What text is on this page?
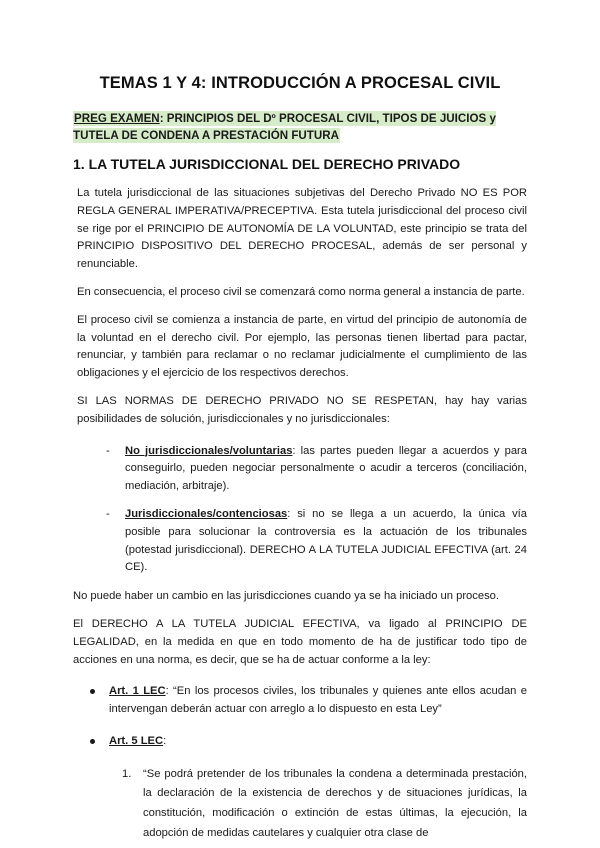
TEMAS 1 Y 4: INTRODUCCIÓN A PROCESAL CIVIL
PREG EXAMEN: PRINCIPIOS DEL Dº PROCESAL CIVIL, TIPOS DE JUICIOS y TUTELA DE CONDENA A PRESTACIÓN FUTURA
1. LA TUTELA JURISDICCIONAL DEL DERECHO PRIVADO

La tutela jurisdiccional de las situaciones subjetivas del Derecho Privado NO ES POR REGLA GENERAL IMPERATIVA/PRECEPTIVA. Esta tutela jurisdiccional del proceso civil se rige por el PRINCIPIO DE AUTONOMÍA DE LA VOLUNTAD, este principio se trata del PRINCIPIO DISPOSITIVO DEL DERECHO PROCESAL, además de ser personal y renunciable.

En consecuencia, el proceso civil se comenzará como norma general a instancia de parte.

El proceso civil se comienza a instancia de parte, en virtud del principio de autonomía de la voluntad en el derecho civil. Por ejemplo, las personas tienen libertad para pactar, renunciar, y también para reclamar o no reclamar judicialmente el cumplimiento de las obligaciones y el ejercicio de los respectivos derechos.

SI LAS NORMAS DE DERECHO PRIVADO NO SE RESPETAN, hay hay varias posibilidades de solución, jurisdiccionales y no jurisdiccionales:

- No jurisdiccionales/voluntarias: las partes pueden llegar a acuerdos y para conseguirlo, pueden negociar personalmente o acudir a terceros (conciliación, mediación, arbitraje).
- Jurisdiccionales/contenciosas: si no se llega a un acuerdo, la única vía posible para solucionar la controversia es la actuación de los tribunales (potestad jurisdiccional). DERECHO A LA TUTELA JUDICIAL EFECTIVA (art. 24 CE).

No puede haber un cambio en las jurisdicciones cuando ya se ha iniciado un proceso.

El DERECHO A LA TUTELA JUDICIAL EFECTIVA, va ligado al PRINCIPIO DE LEGALIDAD, en la medida en que en todo momento de ha de justificar todo tipo de acciones en una norma, es decir, que se ha de actuar conforme a la ley:

Art. 1 LEC: “En los procesos civiles, los tribunales y quienes ante ellos acudan e intervengan deberán actuar con arreglo a lo dispuesto en esta Ley”
Art. 5 LEC:
1. “Se podrá pretender de los tribunales la condena a determinada prestación, la declaración de la existencia de derechos y de situaciones jurídicas, la constitución, modificación o extinción de estas últimas, la ejecución, la adopción de medidas cautelares y cualquier otra clase de
